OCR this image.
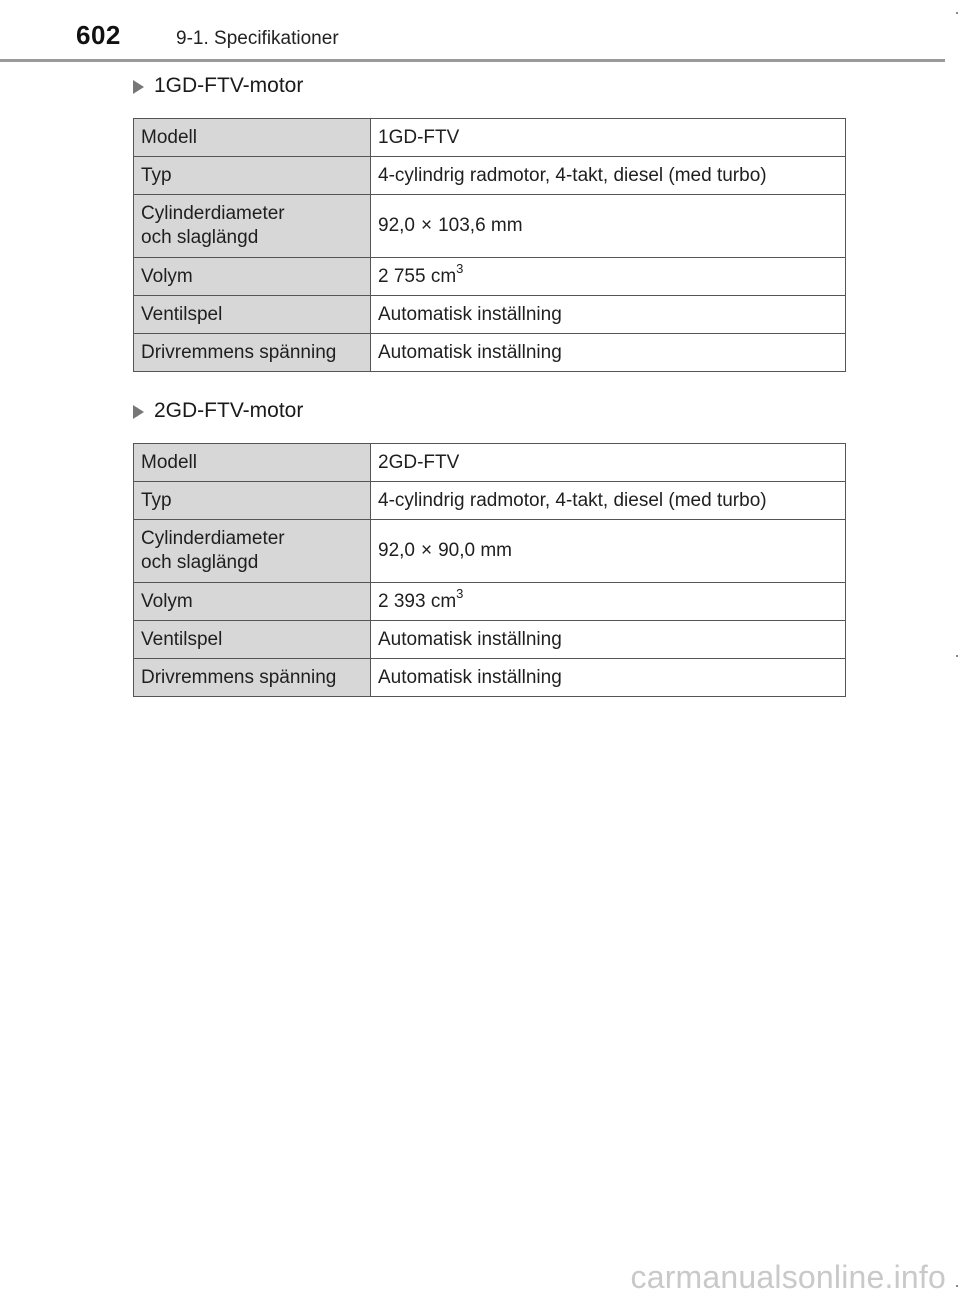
602	9-1. Specifikationer
1GD-FTV-motor
Modell	1GD-FTV
Typ	4-cylindrig radmotor, 4-takt, diesel (med turbo)
Cylinderdiameter
och slaglängd	92,0 × 103,6 mm
Volym	2 755 $cm^3$
Ventilspel	Automatisk inställning
Drivremmens spänning	Automatisk inställning
2GD-FTV-motor
Modell	2GD-FTV
Typ	4-cylindrig radmotor, 4-takt, diesel (med turbo)
Cylinderdiameter
och slaglängd	92,0 × 90,0 mm
Volym	2 393 $cm^3$
Ventilspel	Automatisk inställning
Drivremmens spänning	Automatisk inställning
carmanualsonline.info
